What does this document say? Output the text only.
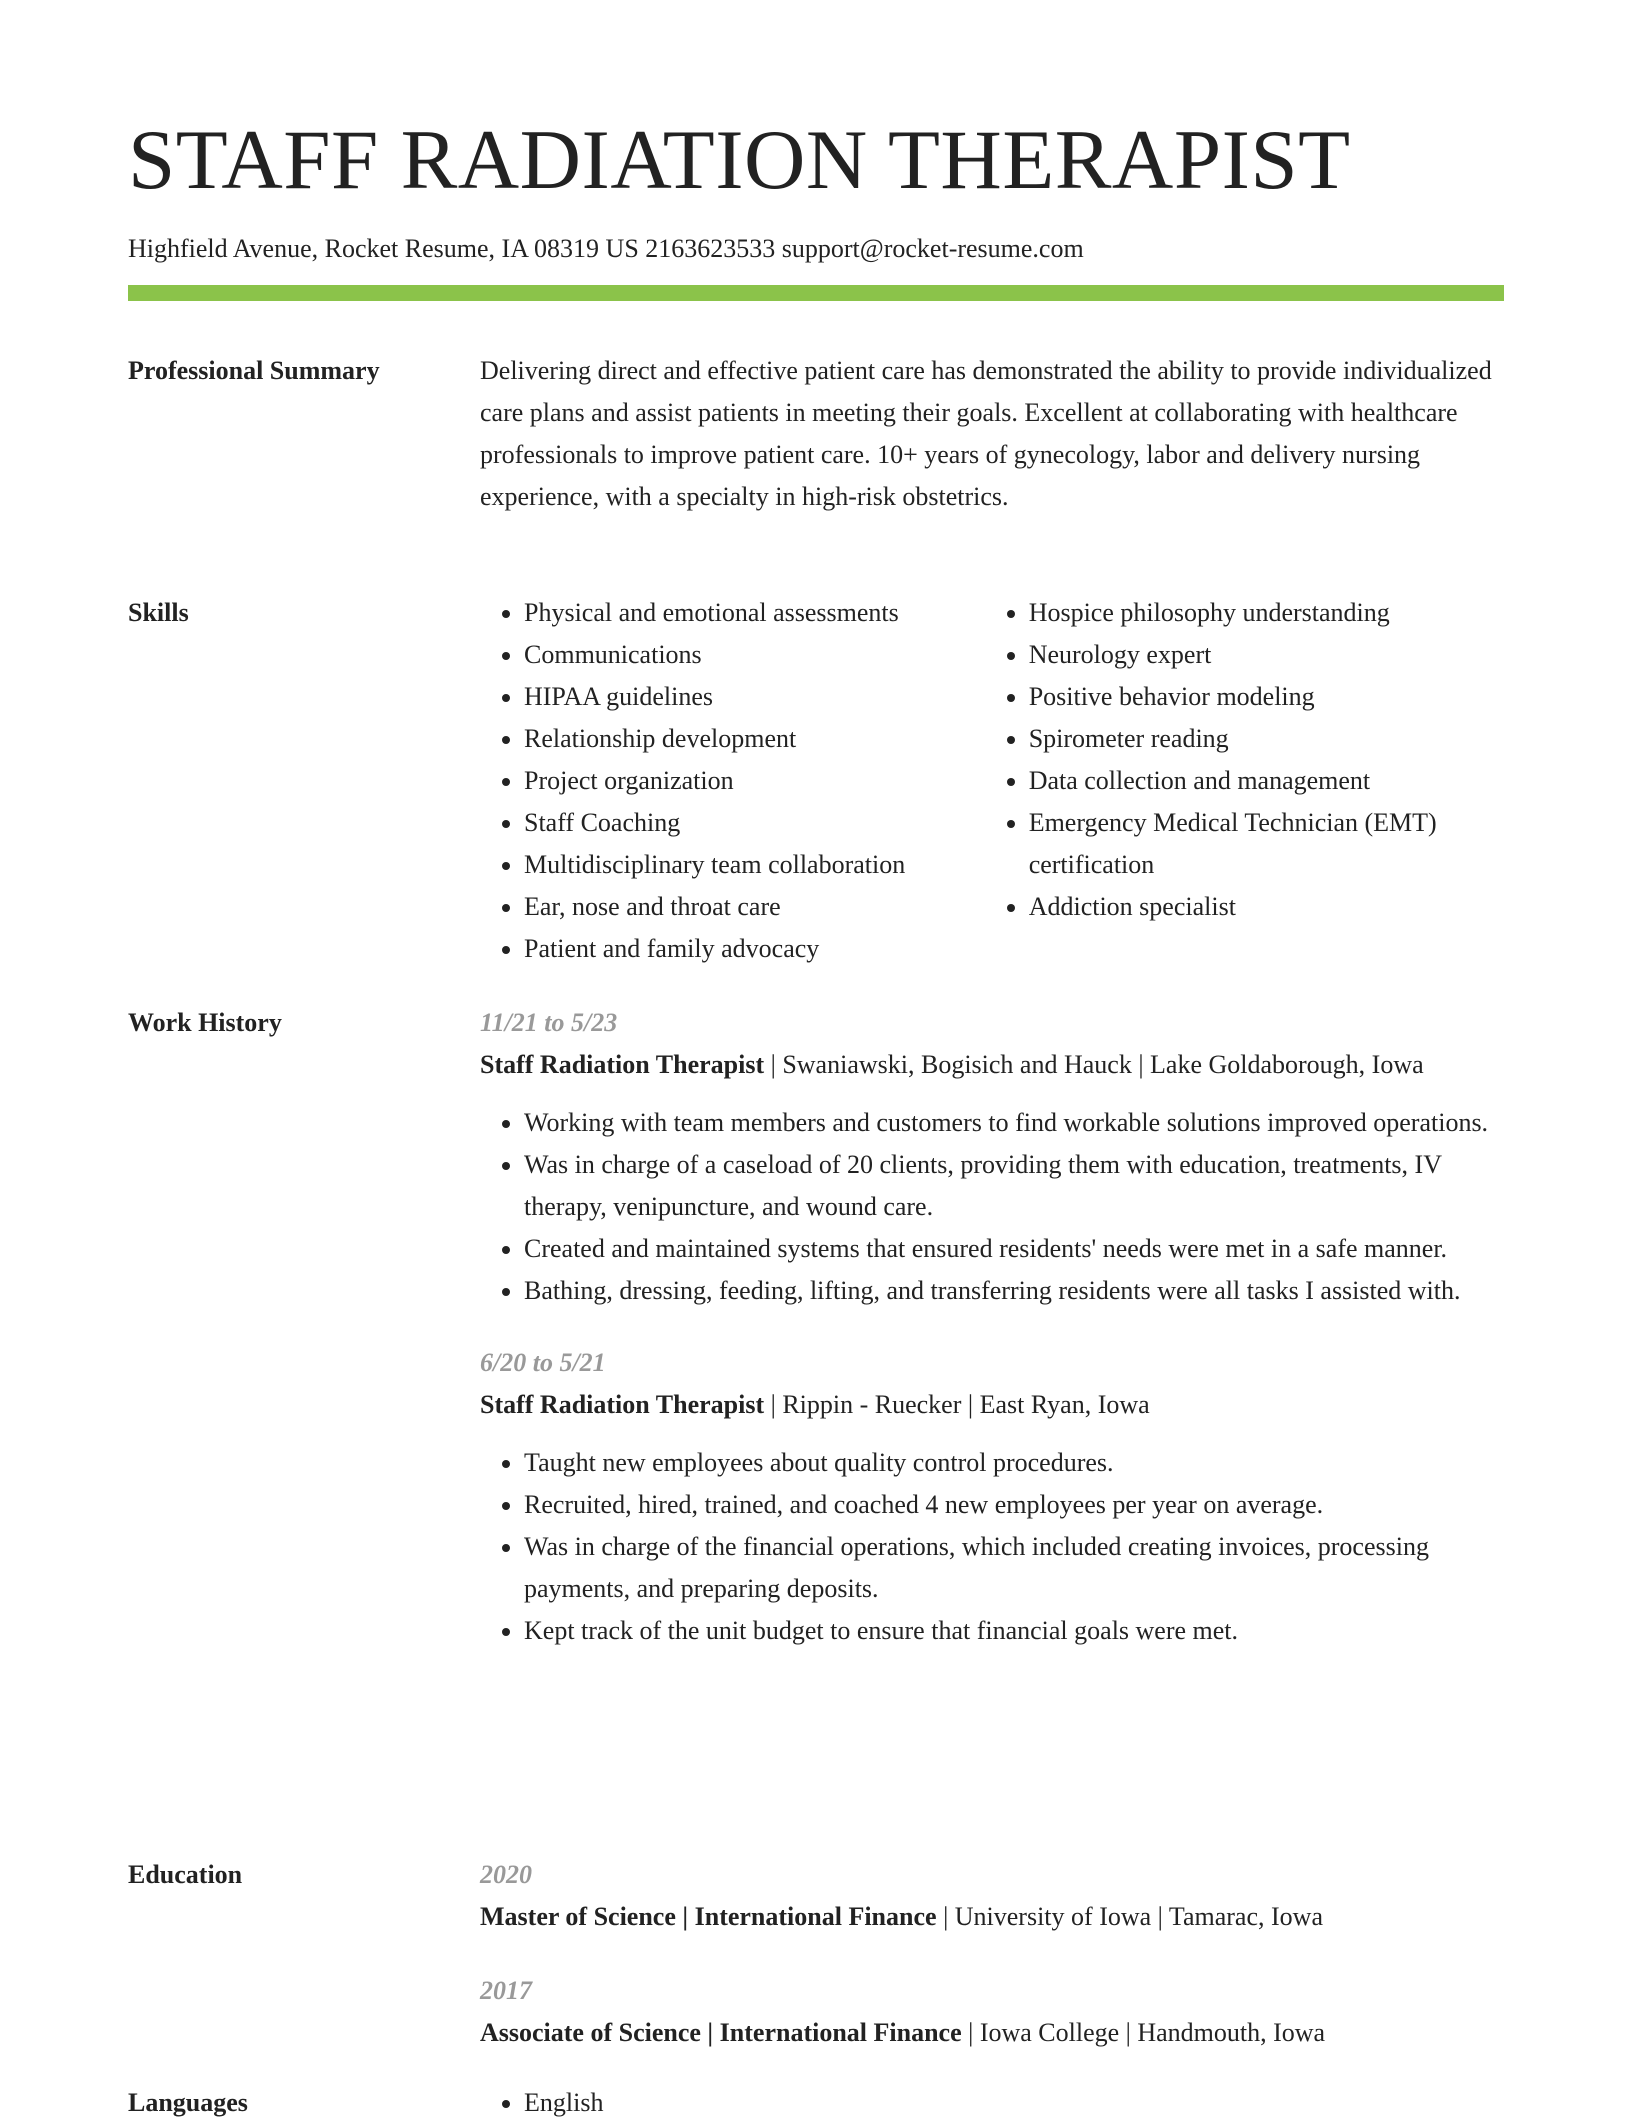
STAFF RADIATION THERAPIST
Highfield Avenue, Rocket Resume, IA 08319 US 2163623533 support@rocket-resume.com
Professional Summary	Delivering direct and effective patient care has demonstrated the ability to provide individualized care plans and assist patients in meeting their goals. Excellent at collaborating with healthcare professionals to improve patient care. 10+ years of gynecology, labor and delivery nursing experience, with a specialty in high-risk obstetrics.

Skills	• Physical and emotional assessments
• Communications
• HIPAA guidelines
• Relationship development
• Project organization
• Staff Coaching
• Multidisciplinary team collaboration
• Ear, nose and throat care
• Patient and family advocacy
• Hospice philosophy understanding
• Neurology expert
• Positive behavior modeling
• Spirometer reading
• Data collection and management
• Emergency Medical Technician (EMT) certification
• Addiction specialist
Work History	11/21 to 5/23
Staff Radiation Therapist | Swaniawski, Bogisich and Hauck | Lake Goldaborough, Iowa
• Working with team members and customers to find workable solutions improved operations.
• Was in charge of a caseload of 20 clients, providing them with education, treatments, IV therapy, venipuncture, and wound care.
• Created and maintained systems that ensured residents' needs were met in a safe manner.
• Bathing, dressing, feeding, lifting, and transferring residents were all tasks I assisted with.
6/20 to 5/21
Staff Radiation Therapist | Rippin - Ruecker | East Ryan, Iowa
• Taught new employees about quality control procedures.
• Recruited, hired, trained, and coached 4 new employees per year on average.
• Was in charge of the financial operations, which included creating invoices, processing payments, and preparing deposits.
• Kept track of the unit budget to ensure that financial goals were met.
Education	2020
Master of Science | International Finance | University of Iowa | Tamarac, Iowa
2017
Associate of Science | International Finance | Iowa College | Handmouth, Iowa
Languages	• English
